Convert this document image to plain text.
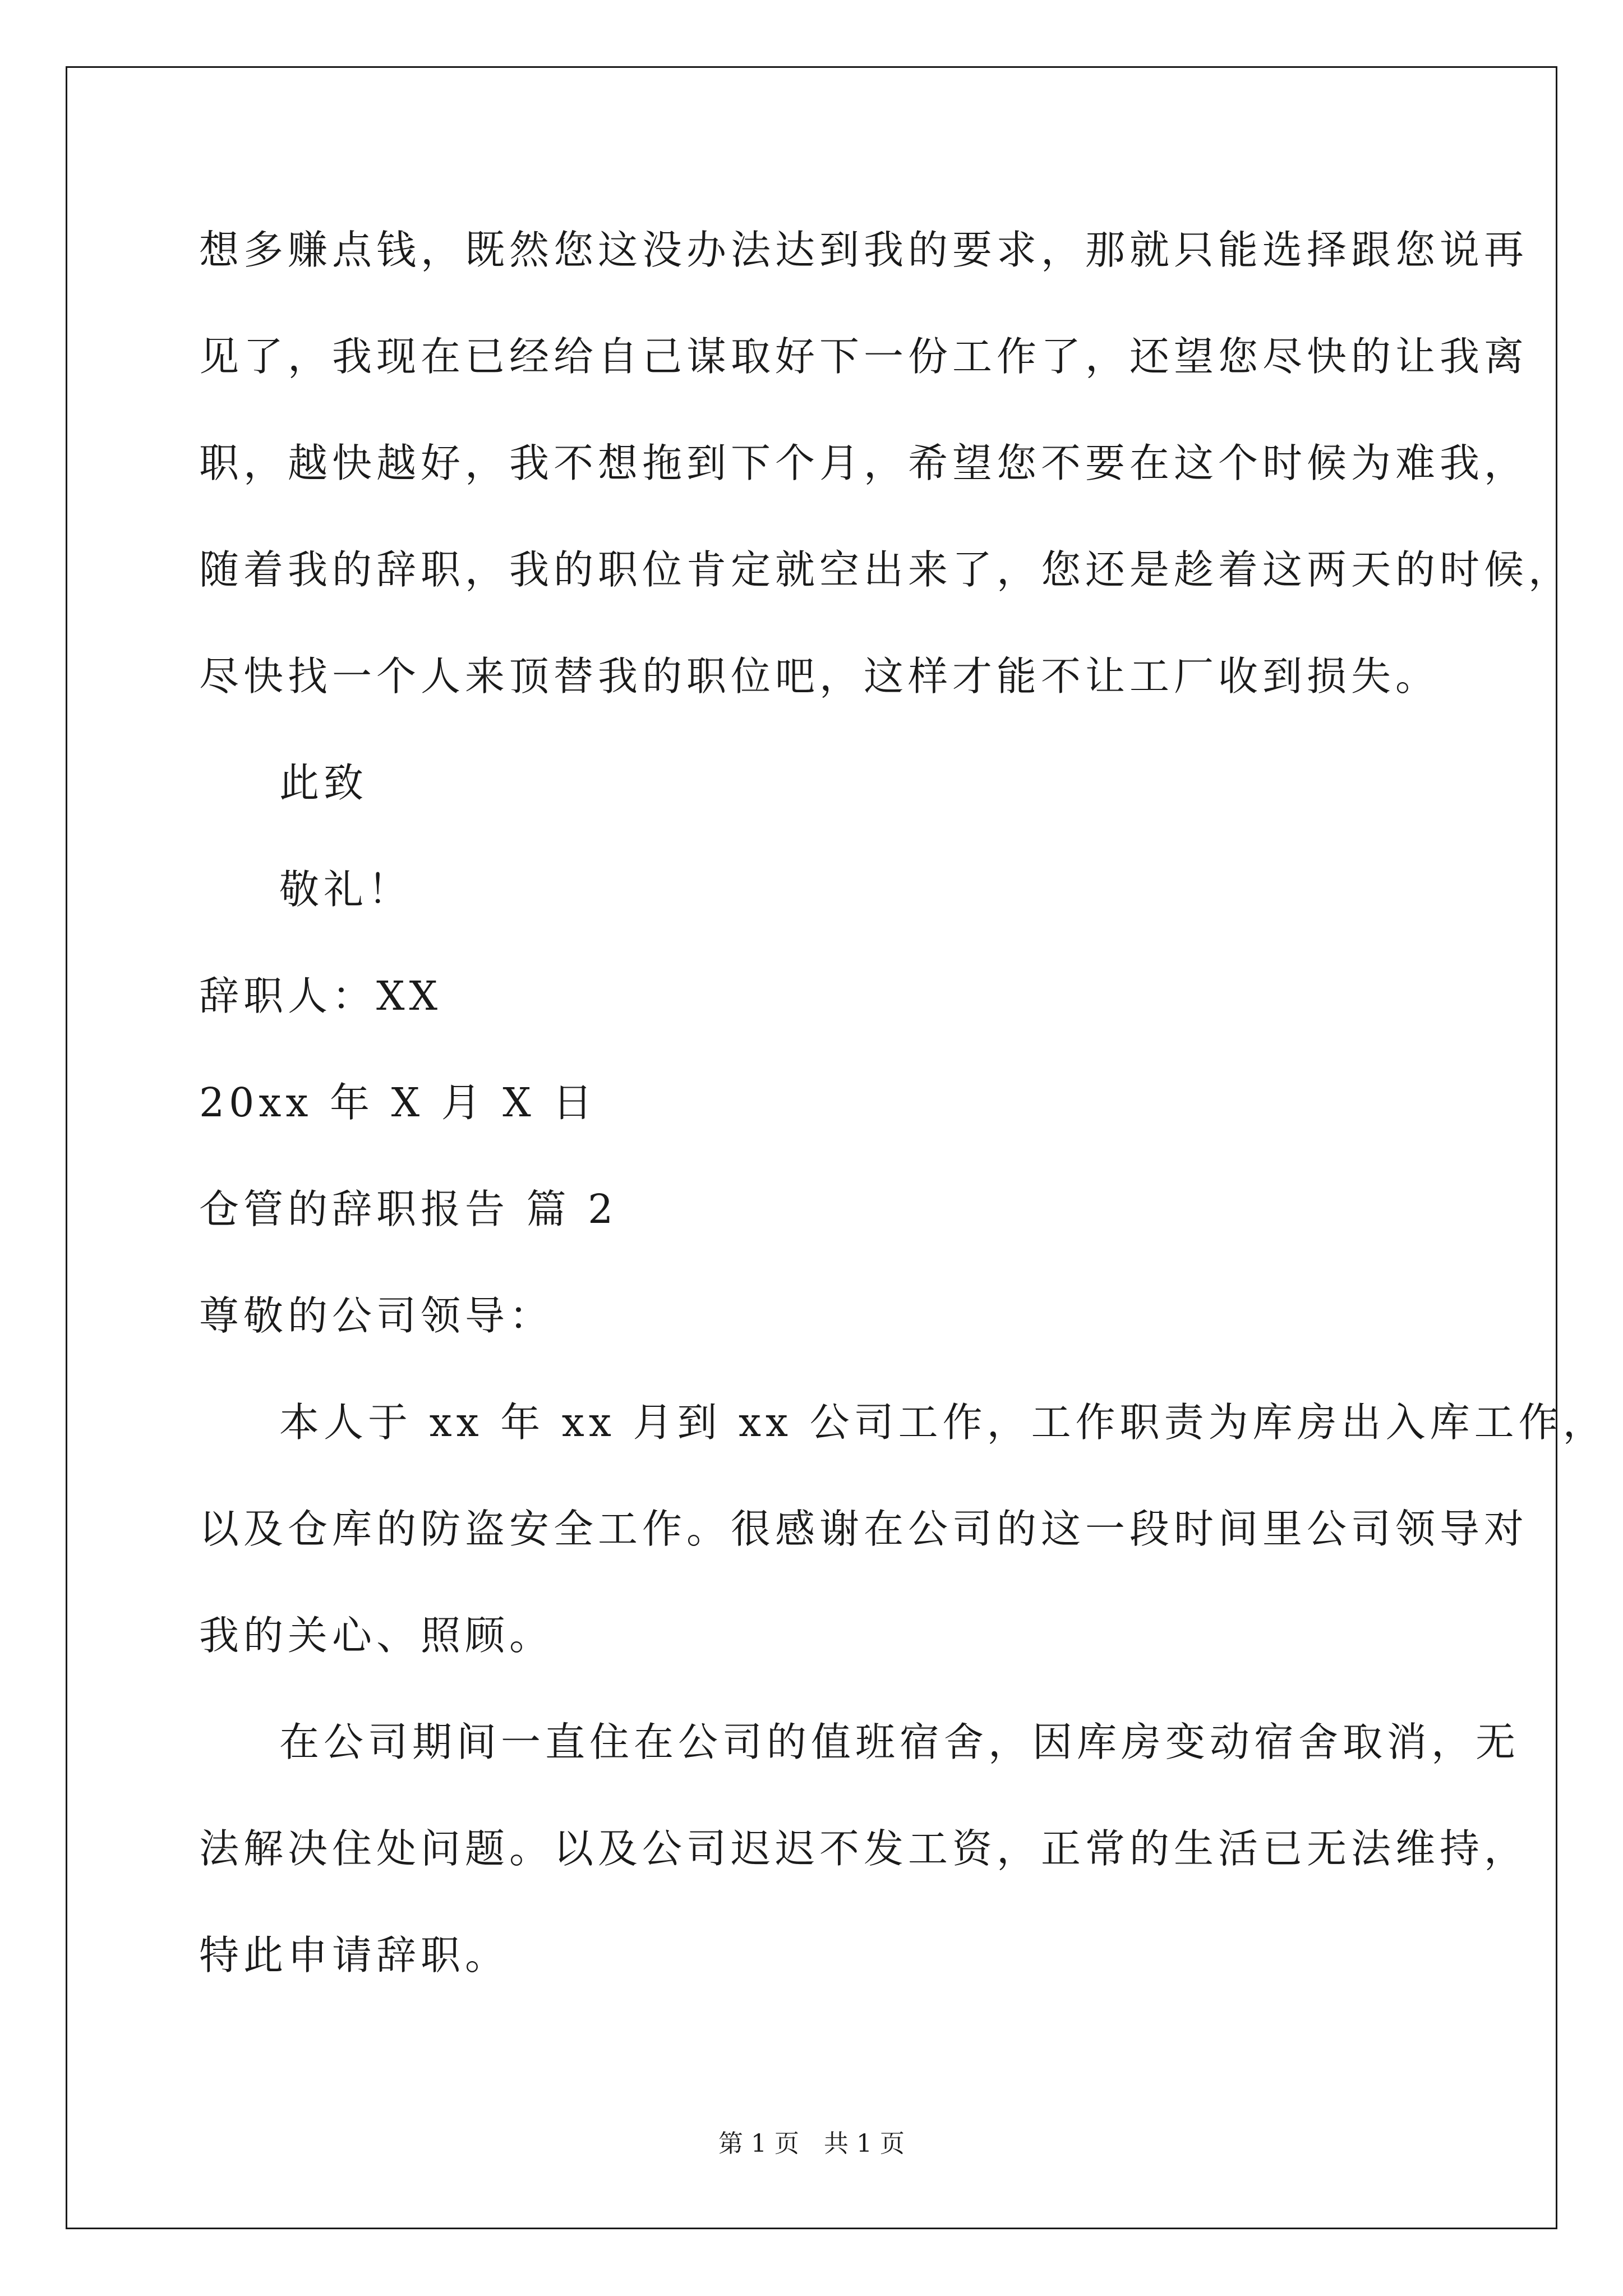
想多赚点钱，既然您这没办法达到我的要求，那就只能选择跟您说再
见了，我现在已经给自己谋取好下一份工作了，还望您尽快的让我离
职，越快越好，我不想拖到下个月，希望您不要在这个时候为难我，
随着我的辞职，我的职位肯定就空出来了，您还是趁着这两天的时候，
尽快找一个人来顶替我的职位吧，这样才能不让工厂收到损失。
此致
敬礼！
辞职人：XX
20xx 年 X 月 X 日
仓管的辞职报告 篇 2
尊敬的公司领导：
本人于 xx 年 xx 月到 xx 公司工作，工作职责为库房出入库工作，
以及仓库的防盗安全工作。很感谢在公司的这一段时间里公司领导对
我的关心、照顾。
在公司期间一直住在公司的值班宿舍，因库房变动宿舍取消，无
法解决住处问题。以及公司迟迟不发工资，正常的生活已无法维持，
特此申请辞职。
第 1 页　共 1 页
